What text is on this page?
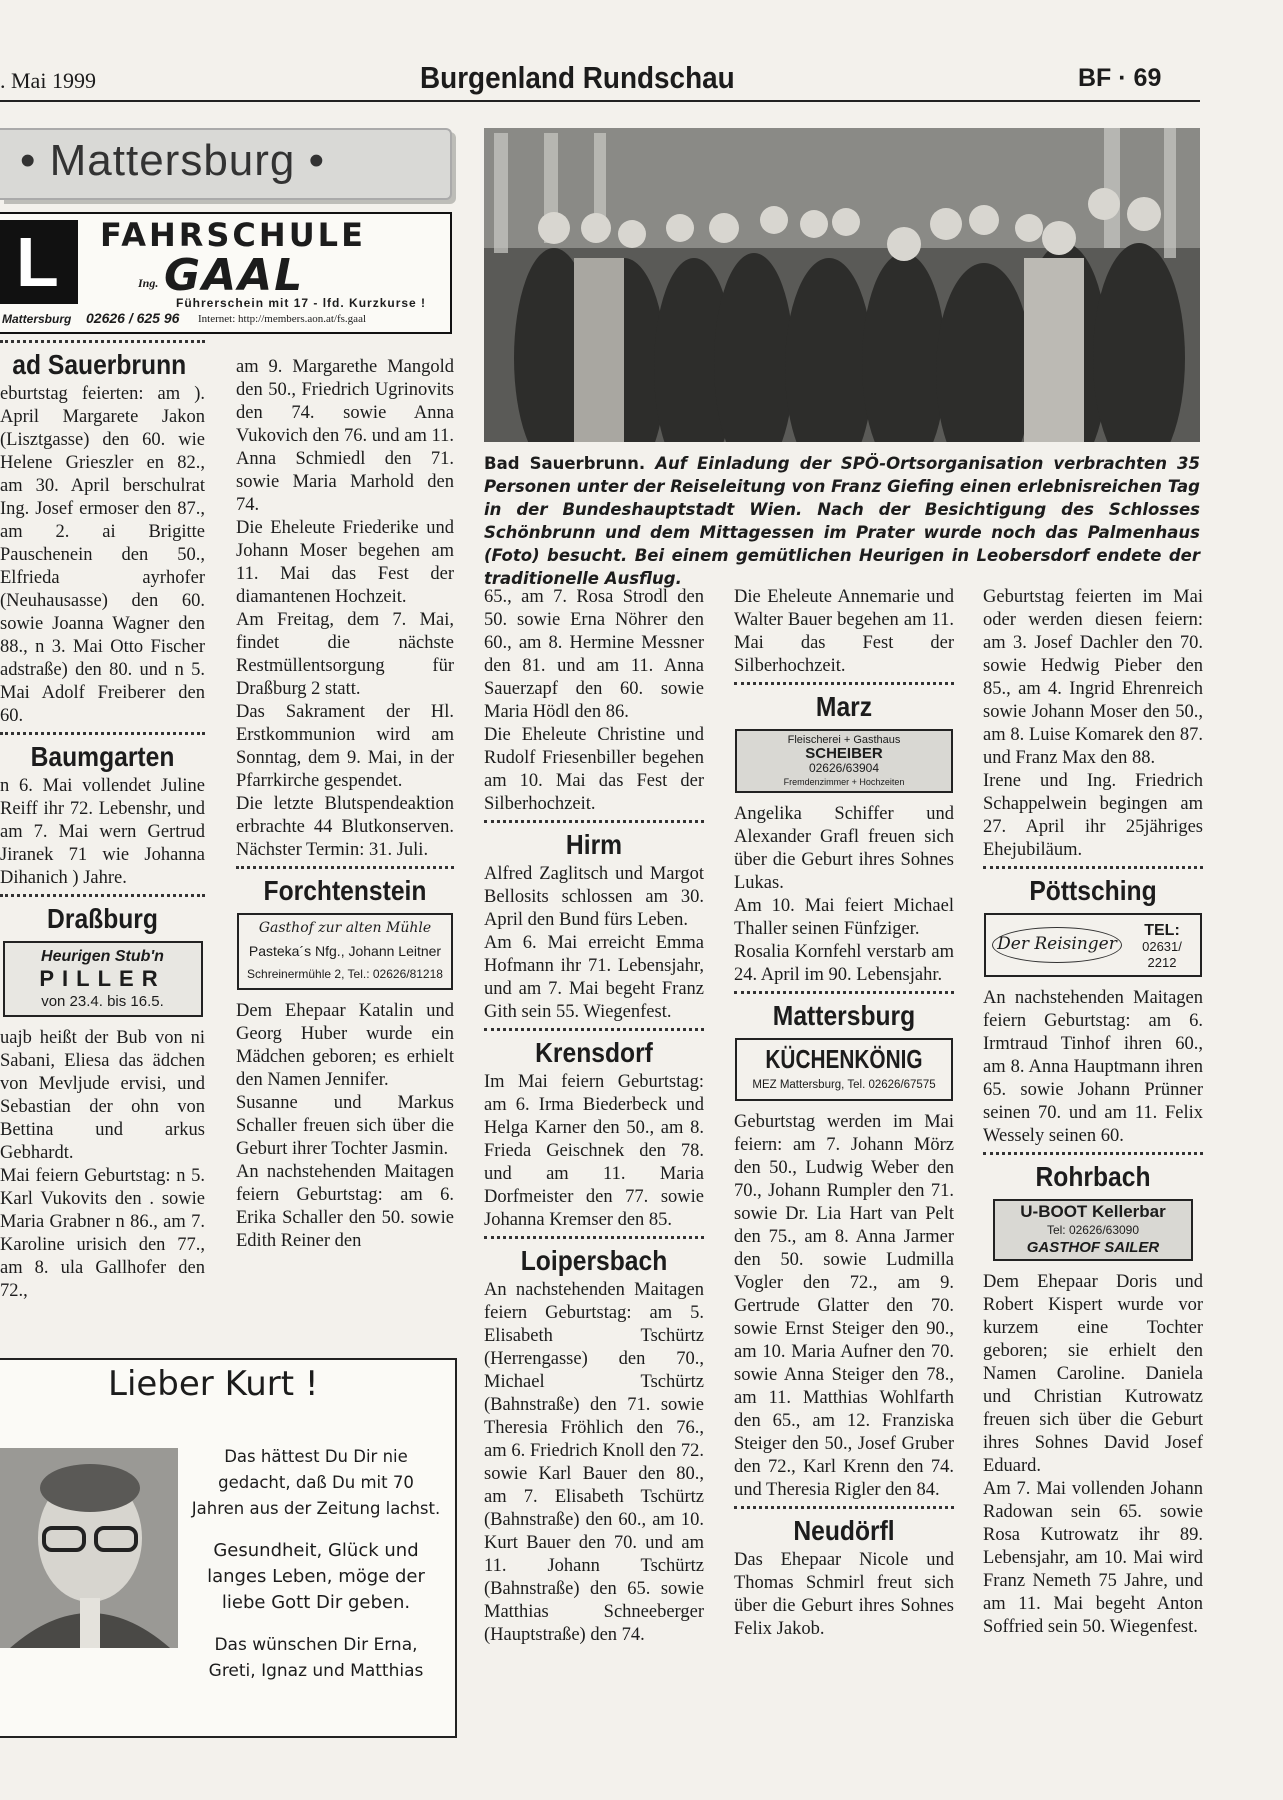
. Mai 1999	Burgenland Rundschau	BF · 69
• Mattersburg •
L FAHRSCHULE
Ing. GAAL
Führerschein mit 17 - lfd. Kurzkurse !
Mattersburg 02626 / 625 96 Internet: http://members.aon.at/fs.gaal
Bad Sauerbrunn. Auf Einladung der SPÖ-Ortsorganisation verbrachten 35 Personen unter der Reiseleitung von Franz Giefing einen erlebnisreichen Tag in der Bundeshauptstadt Wien. Nach der Besichtigung des Schlosses Schönbrunn und dem Mittagessen im Prater wurde noch das Palmenhaus (Foto) besucht. Bei einem gemütlichen Heurigen in Leobersdorf endete der traditionelle Ausflug.
ad Sauerbrunn

eburtstag feierten: am ). April Margarete Jakon (Lisztgasse) den 60. wie Helene Grieszler en 82., am 30. April berschulrat Ing. Josef ermoser den 87., am 2. ai Brigitte Pauschenein den 50., Elfrieda ayrhofer (Neuhausasse) den 60. sowie Joanna Wagner den 88., n 3. Mai Otto Fischer adstraße) den 80. und n 5. Mai Adolf Freiberer den 60.

Baumgarten

n 6. Mai vollendet Juline Reiff ihr 72. Lebenshr, und am 7. Mai wern Gertrud Jiranek 71 wie Johanna Dihanich ) Jahre.

Draßburg
Heurigen Stub'n
PILLER
von 23.4. bis 16.5.

uajb heißt der Bub von ni Sabani, Eliesa das ädchen von Mevljude ervisi, und Sebastian der ohn von Bettina und arkus Gebhardt.

Mai feiern Geburtstag: n 5. Karl Vukovits den . sowie Maria Grabner n 86., am 7. Karoline urisich den 77., am 8. ula Gallhofer den 72.,

am 9. Margarethe Mangold den 50., Friedrich Ugrinovits den 74. sowie Anna Vukovich den 76. und am 11. Anna Schmiedl den 71. sowie Maria Marhold den 74.

Die Eheleute Friederike und Johann Moser begehen am 11. Mai das Fest der diamantenen Hochzeit.

Am Freitag, dem 7. Mai, findet die nächste Restmüllentsorgung für Draßburg 2 statt.

Das Sakrament der Hl. Erstkommunion wird am Sonntag, dem 9. Mai, in der Pfarrkirche gespendet.

Die letzte Blutspendeaktion erbrachte 44 Blutkonserven. Nächster Termin: 31. Juli.

Forchtenstein
Gasthof zur alten Mühle
Pasteka´s Nfg., Johann Leitner
Schreinermühle 2, Tel.: 02626/81218

Dem Ehepaar Katalin und Georg Huber wurde ein Mädchen geboren; es erhielt den Namen Jennifer.

Susanne und Markus Schaller freuen sich über die Geburt ihrer Tochter Jasmin.

An nachstehenden Maitagen feiern Geburtstag: am 6. Erika Schaller den 50. sowie Edith Reiner den

Lieber Kurt !

Das hättest Du Dir nie gedacht, daß Du mit 70 Jahren aus der Zeitung lachst.

Gesundheit, Glück und langes Leben, möge der liebe Gott Dir geben.

Das wünschen Dir Erna, Greti, Ignaz und Matthias

65., am 7. Rosa Strodl den 50. sowie Erna Nöhrer den 60., am 8. Hermine Messner den 81. und am 11. Anna Sauerzapf den 60. sowie Maria Hödl den 86.

Die Eheleute Christine und Rudolf Friesenbiller begehen am 10. Mai das Fest der Silberhochzeit.

Hirm

Alfred Zaglitsch und Margot Bellosits schlossen am 30. April den Bund fürs Leben.

Am 6. Mai erreicht Emma Hofmann ihr 71. Lebensjahr, und am 7. Mai begeht Franz Gith sein 55. Wiegenfest.

Krensdorf

Im Mai feiern Geburtstag: am 6. Irma Biederbeck und Helga Karner den 50., am 8. Frieda Geischnek den 78. und am 11. Maria Dorfmeister den 77. sowie Johanna Kremser den 85.

Loipersbach

An nachstehenden Maitagen feiern Geburtstag: am 5. Elisabeth Tschürtz (Herrengasse) den 70., Michael Tschürtz (Bahnstraße) den 71. sowie Theresia Fröhlich den 76., am 6. Friedrich Knoll den 72. sowie Karl Bauer den 80., am 7. Elisabeth Tschürtz (Bahnstraße) den 60., am 10. Kurt Bauer den 70. und am 11. Johann Tschürtz (Bahnstraße) den 65. sowie Matthias Schneeberger (Hauptstraße) den 74.

Die Eheleute Annemarie und Walter Bauer begehen am 11. Mai das Fest der Silberhochzeit.

Marz
Fleischerei + Gasthaus
SCHEIBER
02626/63904
Fremdenzimmer + Hochzeiten

Angelika Schiffer und Alexander Grafl freuen sich über die Geburt ihres Sohnes Lukas.

Am 10. Mai feiert Michael Thaller seinen Fünfziger.

Rosalia Kornfehl verstarb am 24. April im 90. Lebensjahr.

Mattersburg
KÜCHENKÖNIG
MEZ Mattersburg, Tel. 02626/67575

Geburtstag werden im Mai feiern: am 7. Johann Mörz den 50., Ludwig Weber den 70., Johann Rumpler den 71. sowie Dr. Lia Hart van Pelt den 75., am 8. Anna Jarmer den 50. sowie Ludmilla Vogler den 72., am 9. Gertrude Glatter den 70. sowie Ernst Steiger den 90., am 10. Maria Aufner den 70. sowie Anna Steiger den 78., am 11. Matthias Wohlfarth den 65., am 12. Franziska Steiger den 50., Josef Gruber den 72., Karl Krenn den 74. und Theresia Rigler den 84.

Neudörfl

Das Ehepaar Nicole und Thomas Schmirl freut sich über die Geburt ihres Sohnes Felix Jakob.

Geburtstag feierten im Mai oder werden diesen feiern: am 3. Josef Dachler den 70. sowie Hedwig Pieber den 85., am 4. Ingrid Ehrenreich sowie Johann Moser den 50., am 8. Luise Komarek den 87. und Franz Max den 88.

Irene und Ing. Friedrich Schappelwein begingen am 27. April ihr 25jähriges Ehejubiläum.

Pöttsching
Der Reisinger
TEL:
02631/ 2212

An nachstehenden Maitagen feiern Geburtstag: am 6. Irmtraud Tinhof ihren 60., am 8. Anna Hauptmann ihren 65. sowie Johann Prünner seinen 70. und am 11. Felix Wessely seinen 60.

Rohrbach
U-BOOT Kellerbar
Tel: 02626/63090
GASTHOF SAILER

Dem Ehepaar Doris und Robert Kispert wurde vor kurzem eine Tochter geboren; sie erhielt den Namen Caroline. Daniela und Christian Kutrowatz freuen sich über die Geburt ihres Sohnes David Josef Eduard.

Am 7. Mai vollenden Johann Radowan sein 65. sowie Rosa Kutrowatz ihr 89. Lebensjahr, am 10. Mai wird Franz Nemeth 75 Jahre, und am 11. Mai begeht Anton Soffried sein 50. Wiegenfest.
